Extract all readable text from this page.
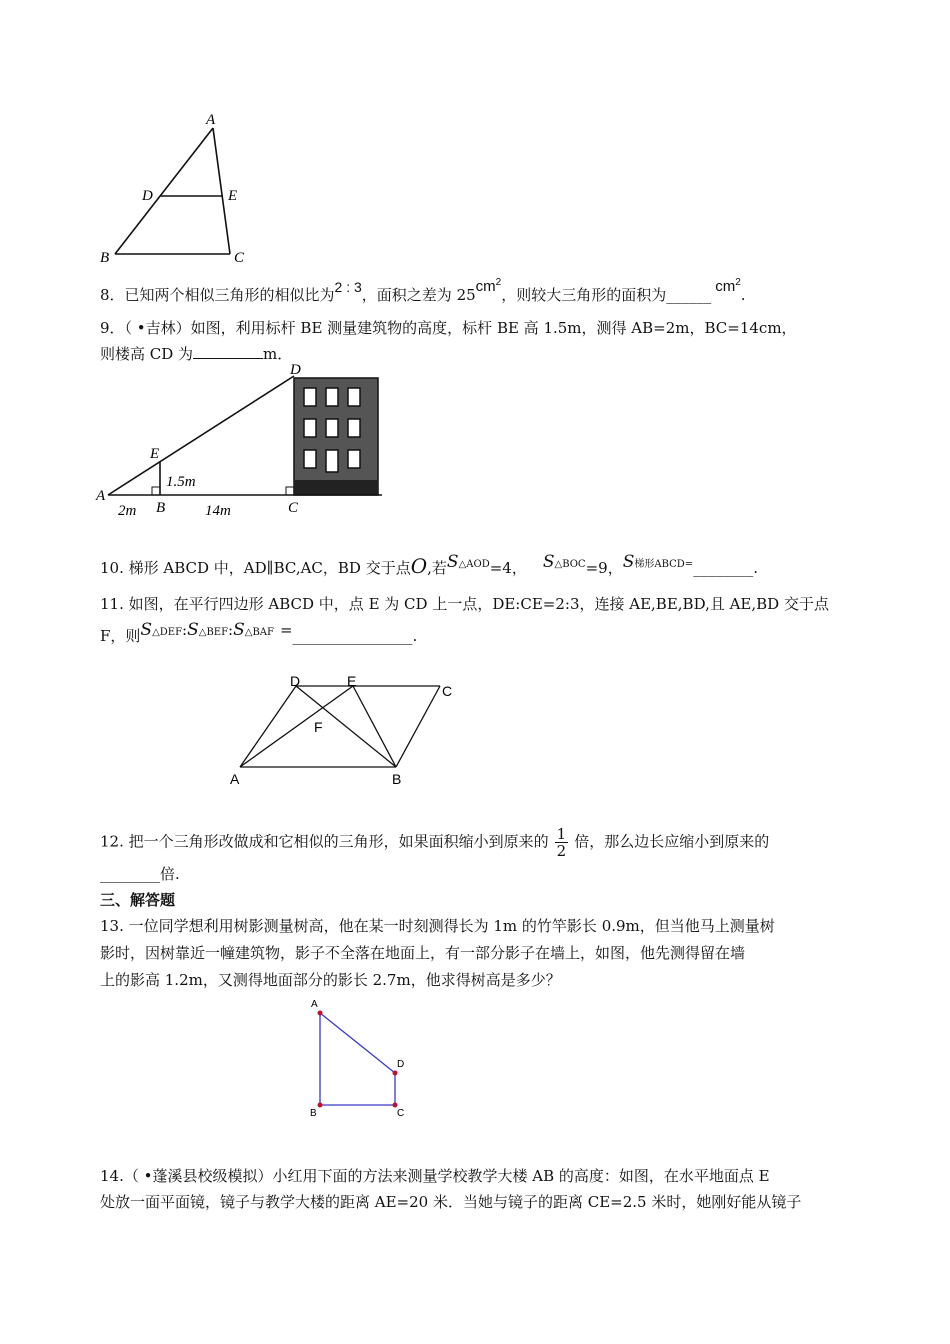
A
D	E
B	C
8．已知两个相似三角形的相似比为2 : 3，面积之差为 $25cm^2$，则较大三角形的面积为______ $cm^2$.
9．（ •吉林）如图，利用标杆 BE 测量建筑物的高度，标杆 BE 高 1.5m，测得 AB=2m，BC=14cm，
则楼高 CD 为	m．
D
E
1.5m
A
B	C
2m	14m
10. 梯形 ABCD 中，AD∥BC,AC，BD 交于点O,若S△AOD=4， S△BOC=9，S梯形ABCD=________.
11. 如图，在平行四边形 ABCD 中，点 E 为 CD 上一点，DE:CE=2:3，连接 AE,BE,BD,且 AE,BD 交于点
F，则S△DEF:S△BEF:S△BAF =________________.
D	E
C
F
A	B
12. 把一个三角形改做成和它相似的三角形，如果面积缩小到原来的 $\frac{1}{2}$ 倍，那么边长应缩小到原来的
________倍.
三、解答题
13. 一位同学想利用树影测量树高，他在某一时刻测得长为 1m 的竹竿影长 0.9m，但当他马上测量树
影时，因树靠近一幢建筑物，影子不全落在地面上，有一部分影子在墙上，如图，他先测得留在墙
上的影高 1.2m，又测得地面部分的影长 2.7m，他求得树高是多少？
A
D
B	C
14.（ •蓬溪县校级模拟）小红用下面的方法来测量学校教学大楼 AB 的高度：如图，在水平地面点 E
处放一面平面镜，镜子与教学大楼的距离 AE=20 米．当她与镜子的距离 CE=2.5 米时，她刚好能从镜子
